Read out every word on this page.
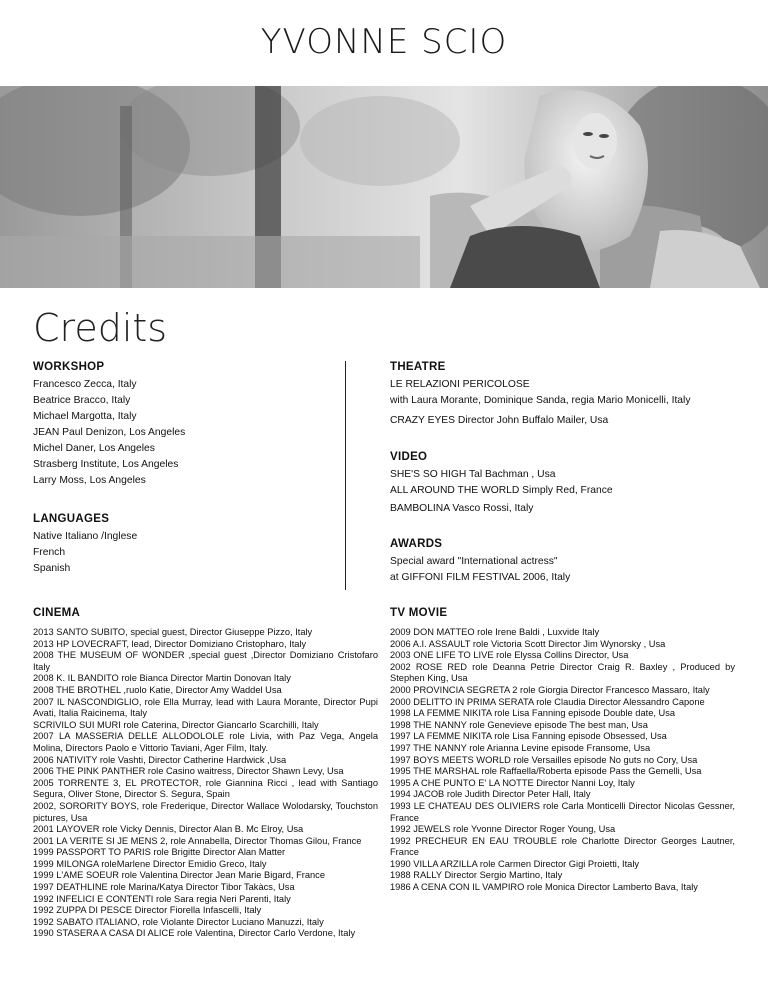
YVONNE SCIO
Credits
WORKSHOP
Francesco Zecca, Italy
Beatrice Bracco, Italy
Michael Margotta, Italy
JEAN Paul Denizon, Los Angeles
Michel Daner, Los Angeles
Strasberg Institute, Los Angeles
Larry Moss, Los Angeles
LANGUAGES
Native Italiano /Inglese
French
Spanish
THEATRE
LE RELAZIONI PERICOLOSE
with Laura Morante, Dominique Sanda, regia Mario Monicelli, Italy
CRAZY EYES Director John Buffalo Mailer, Usa
VIDEO
SHE'S SO HIGH Tal Bachman , Usa
ALL AROUND THE WORLD Simply Red, France
BAMBOLINA Vasco Rossi, Italy
AWARDS
Special award "International actress"
at GIFFONI FILM FESTIVAL 2006, Italy
CINEMA
2013 SANTO SUBITO, special guest, Director Giuseppe Pizzo, Italy
2013 HP LOVECRAFT, lead, Director Domiziano Cristopharo, Italy
2008 THE MUSEUM OF WONDER ,special guest ,Director Domiziano Cristofaro Italy
2008 K. IL BANDITO role Bianca Director Martin Donovan Italy
2008 THE BROTHEL ,ruolo Katie, Director Amy Waddel Usa
2007 IL NASCONDIGLIO, role Ella Murray, lead with Laura Morante, Director Pupi Avati, Italia Raicinema, Italy
SCRIVILO SUI MURI role Caterina, Director Giancarlo Scarchilli, Italy
2007 LA MASSERIA DELLE ALLODOLOLE role Livia, with Paz Vega, Angela Molina, Directors Paolo e Vittorio Taviani, Ager Film, Italy.
2006 NATIVITY role Vashti, Director Catherine Hardwick ,Usa
2006 THE PINK PANTHER role Casino waitress, Director Shawn Levy, Usa
2005 TORRENTE 3, EL PROTECTOR, role Giannina Ricci , lead with Santiago Segura, Oliver Stone, Director S. Segura, Spain
2002, SORORITY BOYS, role Frederique, Director Wallace Wolodarsky, Touchston pictures, Usa
2001 LAYOVER role Vicky Dennis, Director Alan B. Mc Elroy, Usa
2001 LA VERITE SI JE MENS 2, role Annabella, Director Thomas Gilou, France
1999 PASSPORT TO PARIS role Brigitte Director Alan Matter
1999 MILONGA roleMarlene Director Emidio Greco, Italy
1999 L'AME SOEUR role Valentina Director Jean Marie Bigard, France
1997 DEATHLINE role Marina/Katya Director Tibor Takàcs, Usa
1992 INFELICI E CONTENTI role Sara regia Neri Parenti, Italy
1992 ZUPPA DI PESCE Director Fiorella Infascelli, Italy
1992 SABATO ITALIANO, role Violante Director Luciano Manuzzi, Italy
1990 STASERA A CASA DI ALICE role Valentina, Director Carlo Verdone, Italy
TV MOVIE
2009 DON MATTEO role Irene Baldi , Luxvide Italy
2006 A.I. ASSAULT role Victoria Scott Director Jim Wynorsky , Usa
2003 ONE LIFE TO LIVE role Elyssa Collins Director, Usa
2002 ROSE RED role Deanna Petrie Director Craig R. Baxley , Produced by Stephen King, Usa
2000 PROVINCIA SEGRETA 2 role Giorgia Director Francesco Massaro, Italy
2000 DELITTO IN PRIMA SERATA role Claudia Director Alessandro Capone
1998 LA FEMME NIKITA role Lisa Fanning episode Double date, Usa
1998 THE NANNY role Genevieve episode The best man, Usa
1997 LA FEMME NIKITA role Lisa Fanning episode Obsessed, Usa
1997 THE NANNY role Arianna Levine episode Fransome, Usa
1997 BOYS MEETS WORLD role Versailles episode No guts no Cory, Usa
1995 THE MARSHAL role Raffaella/Roberta episode Pass the Gemelli, Usa
1995 A CHE PUNTO E' LA NOTTE Director Nanni Loy, Italy
1994 JACOB role Judith Director Peter Hall, Italy
1993 LE CHATEAU DES OLIVIERS role Carla Monticelli Director Nicolas Gessner, France
1992 JEWELS role Yvonne Director Roger Young, Usa
1992 PRECHEUR EN EAU TROUBLE role Charlotte Director Georges Lautner, France
1990 VILLA ARZILLA role Carmen Director Gigi Proietti, Italy
1988 RALLY Director Sergio Martino, Italy
1986 A CENA CON IL VAMPIRO role Monica Director Lamberto Bava, Italy
